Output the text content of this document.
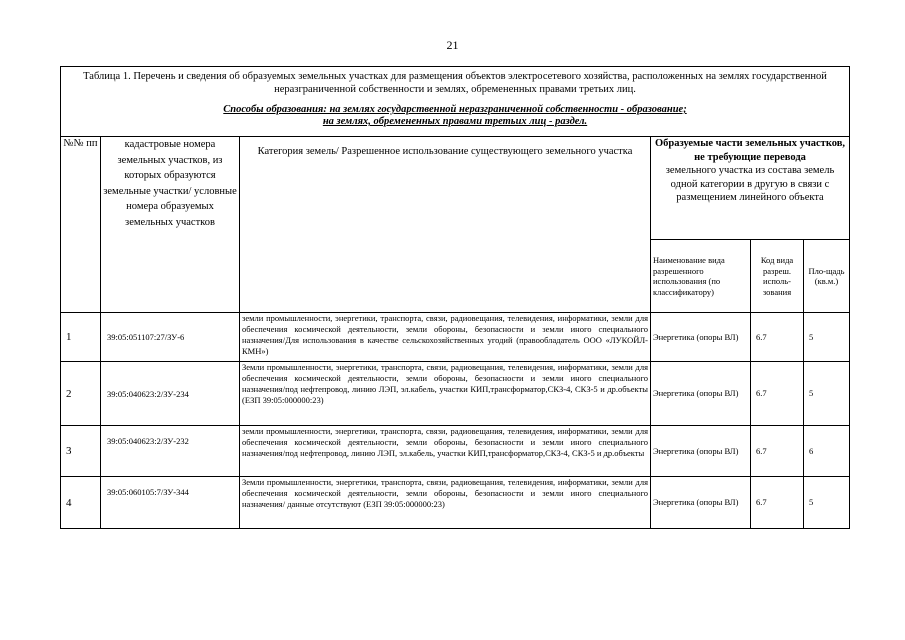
21
Таблица 1. Перечень и сведения об образуемых земельных участках для размещения объектов электросетевого хозяйства, расположенных на землях государственной неразграниченной собственности и землях, обремененных правами третьих лиц.
Способы образования: на землях государственной неразграниченной собственности - образование;
на землях, обремененных правами третьих лиц - раздел.					

№№ пп	кадастровые номера земельных участков, из которых образуются земельные участки/ условные номера образуемых земельных участков	Категория земель/ Разрешенное использование существующего земельного участка	Образуемые части земельных участков, не требующие перевода
земельного участка из состава земель одной категории в другую в связи с размещением линейного объекта		

			Наименование вида разрешенного использования (по классификатору)	Код вида разреш. исполь-зования	Пло-щадь (кв.м.)
1	39:05:051107:27/ЗУ-6	земли промышленности, энергетики, транспорта, связи, радиовещания, телевидения, информатики, земли для обеспечения космической деятельности, земли обороны, безопасности и земли иного специального назначения/Для использования в качестве сельскохозяйственных угодий (правообладатель ООО «ЛУКОЙЛ-КМН»)	Энергетика (опоры ВЛ)	6.7	5
2	39:05:040623:2/ЗУ-234	Земли промышленности, энергетики, транспорта, связи, радиовещания, телевидения, информатики, земли для обеспечения космической деятельности, земли обороны, безопасности и земли иного специального назначения/под нефтепровод, линию ЛЭП, эл.кабель, участки КИП,трансформатор,СКЗ-4, СКЗ-5 и др.объекты (ЕЗП 39:05:000000:23)	Энергетика (опоры ВЛ)	6.7	5
3	39:05:040623:2/ЗУ-232	земли промышленности, энергетики, транспорта, связи, радиовещания, телевидения, информатики, земли для обеспечения космической деятельности, земли обороны, безопасности и земли иного специального назначения/под нефтепровод, линию ЛЭП, эл.кабель, участки КИП,трансформатор,СКЗ-4, СКЗ-5 и др.объекты	Энергетика (опоры ВЛ)	6.7	6
4	39:05:060105:7/ЗУ-344	Земли промышленности, энергетики, транспорта, связи, радиовещания, телевидения, информатики, земли для обеспечения космической деятельности, земли обороны, безопасности и земли иного специального назначения/ данные отсутствуют (ЕЗП 39:05:000000:23)	Энергетика (опоры ВЛ)	6.7	5
